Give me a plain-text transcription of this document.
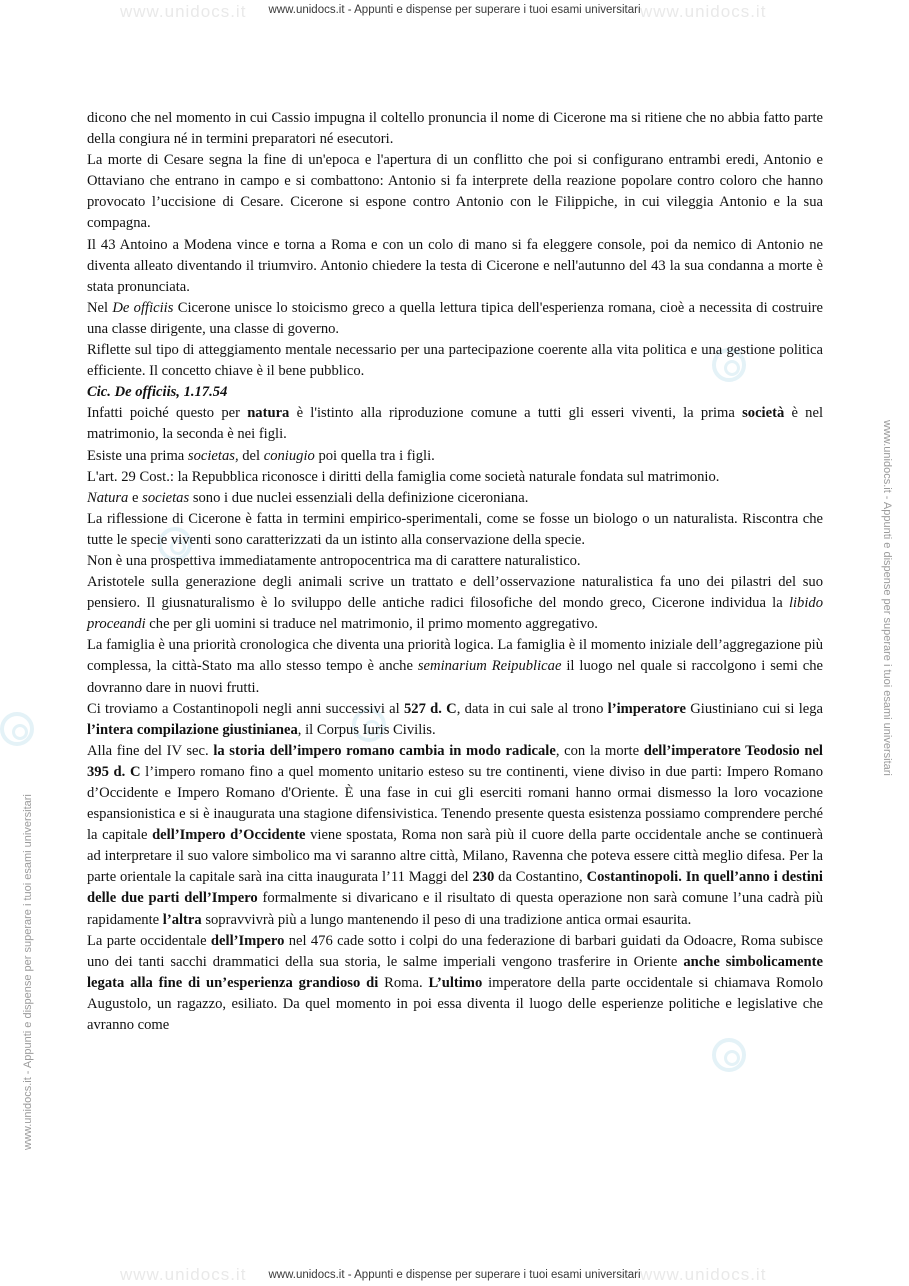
www.unidocs.it	www.unidocs.it
www.unidocs.it	www.unidocs.it
www.unidocs.it - Appunti e dispense per superare i tuoi esami universitari
www.unidocs.it - Appunti e dispense per superare i tuoi esami universitari
www.unidocs.it - Appunti e dispense per superare i tuoi esami universitari
www.unidocs.it - Appunti e dispense per superare i tuoi esami universitari

dicono che nel momento in cui Cassio impugna il coltello pronuncia il nome di Cicerone ma si ritiene che no abbia fatto parte della congiura né in termini preparatori né esecutori.

La morte di Cesare segna la fine di un'epoca e l'apertura di un conflitto che poi si configurano entrambi eredi, Antonio e Ottaviano che entrano in campo e si combattono: Antonio si fa interprete della reazione popolare contro coloro che hanno provocato l’uccisione di Cesare. Cicerone si espone contro Antonio con le Filippiche, in cui vileggia Antonio e la sua compagna.

Il 43 Antoino a Modena vince e torna a Roma e con un colo di mano si fa eleggere console, poi da nemico di Antonio ne diventa alleato diventando il triumviro. Antonio chiedere la testa di Cicerone e nell'autunno del 43 la sua condanna a morte è stata pronunciata.

Nel De officiis Cicerone unisce lo stoicismo greco a quella lettura tipica dell'esperienza romana, cioè a necessita di costruire una classe dirigente, una classe di governo.

Riflette sul tipo di atteggiamento mentale necessario per una partecipazione coerente alla vita politica e una gestione politica efficiente. Il concetto chiave è il bene pubblico.

Cic. De officiis, 1.17.54

Infatti poiché questo per natura è l'istinto alla riproduzione comune a tutti gli esseri viventi, la prima società è nel matrimonio, la seconda è nei figli.

Esiste una prima societas, del coniugio poi quella tra i figli.

L'art. 29 Cost.: la Repubblica riconosce i diritti della famiglia come società naturale fondata sul matrimonio.

Natura e societas sono i due nuclei essenziali della definizione ciceroniana.

La riflessione di Cicerone è fatta in termini empirico-sperimentali, come se fosse un biologo o un naturalista. Riscontra che tutte le specie viventi sono caratterizzati da un istinto alla conservazione della specie.

Non è una prospettiva immediatamente antropocentrica ma di carattere naturalistico.

Aristotele sulla generazione degli animali scrive un trattato e dell’osservazione naturalistica fa uno dei pilastri del suo pensiero. Il giusnaturalismo è lo sviluppo delle antiche radici filosofiche del mondo greco, Cicerone individua la libido proceandi che per gli uomini si traduce nel matrimonio, il primo momento aggregativo.

La famiglia è una priorità cronologica che diventa una priorità logica. La famiglia è il momento iniziale dell’aggregazione più complessa, la città-Stato ma allo stesso tempo è anche seminarium Reipublicae il luogo nel quale si raccolgono i semi che dovranno dare in nuovi frutti.

Ci troviamo a Costantinopoli negli anni successivi al 527 d. C, data in cui sale al trono l’imperatore Giustiniano cui si lega l’intera compilazione giustinianea, il Corpus Iuris Civilis.

Alla fine del IV sec. la storia dell’impero romano cambia in modo radicale, con la morte dell’imperatore Teodosio nel 395 d. C l’impero romano fino a quel momento unitario esteso su tre continenti, viene diviso in due parti: Impero Romano d’Occidente e Impero Romano d'Oriente. È una fase in cui gli eserciti romani hanno ormai dismesso la loro vocazione espansionistica e si è inaugurata una stagione difensivistica. Tenendo presente questa esistenza possiamo comprendere perché la capitale dell’Impero d’Occidente viene spostata, Roma non sarà più il cuore della parte occidentale anche se continuerà ad interpretare il suo valore simbolico ma vi saranno altre città, Milano, Ravenna che poteva essere città meglio difesa. Per la parte orientale la capitale sarà ina citta inaugurata l’11 Maggi del 230 da Costantino, Costantinopoli. In quell’anno i destini delle due parti dell’Impero formalmente si divaricano e il risultato di questa operazione non sarà comune l’una cadrà più rapidamente l’altra sopravvivrà più a lungo mantenendo il peso di una tradizione antica ormai esaurita.

La parte occidentale dell’Impero nel 476 cade sotto i colpi do una federazione di barbari guidati da Odoacre, Roma subisce uno dei tanti sacchi drammatici della sua storia, le salme imperiali vengono trasferire in Oriente anche simbolicamente legata alla fine di un’esperienza grandioso di Roma. L’ultimo imperatore della parte occidentale si chiamava Romolo Augustolo, un ragazzo, esiliato. Da quel momento in poi essa diventa il luogo delle esperienze politiche e legislative che avranno come
